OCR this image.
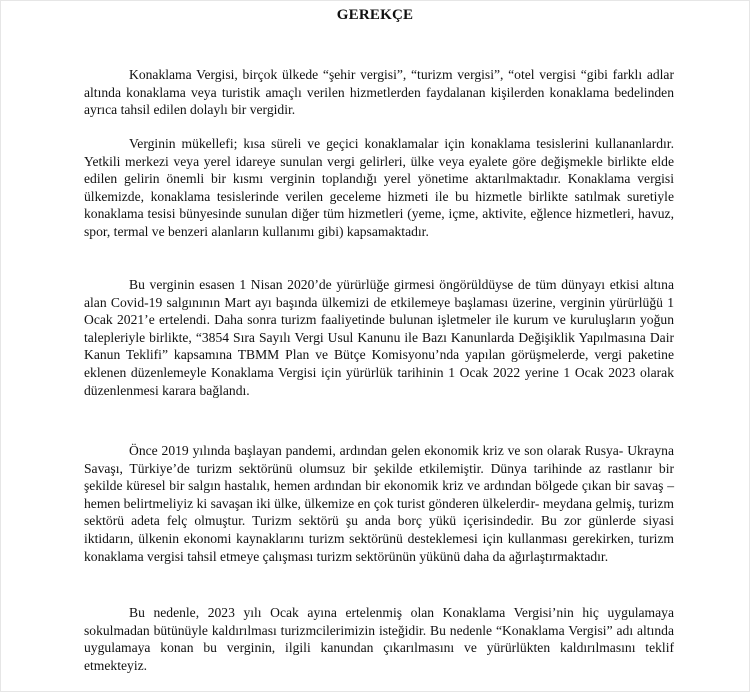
GEREKÇE

Konaklama Vergisi, birçok ülkede “şehir vergisi”, “turizm vergisi”, “otel vergisi “gibi farklı adlar altında konaklama veya turistik amaçlı verilen hizmetlerden faydalanan kişilerden konaklama bedelinden ayrıca tahsil edilen dolaylı bir vergidir.

Verginin mükellefi; kısa süreli ve geçici konaklamalar için konaklama tesislerini kullananlardır. Yetkili merkezi veya yerel idareye sunulan vergi gelirleri, ülke veya eyalete göre değişmekle birlikte elde edilen gelirin önemli bir kısmı verginin toplandığı yerel yönetime aktarılmaktadır. Konaklama vergisi ülkemizde, konaklama tesislerinde verilen geceleme hizmeti ile bu hizmetle birlikte satılmak suretiyle konaklama tesisi bünyesinde sunulan diğer tüm hizmetleri (yeme, içme, aktivite, eğlence hizmetleri, havuz, spor, termal ve benzeri alanların kullanımı gibi) kapsamaktadır.

Bu verginin esasen 1 Nisan 2020’de yürürlüğe girmesi öngörüldüyse de tüm dünyayı etkisi altına alan Covid-19 salgınının Mart ayı başında ülkemizi de etkilemeye başlaması üzerine, verginin yürürlüğü 1 Ocak 2021’e ertelendi. Daha sonra turizm faaliyetinde bulunan işletmeler ile kurum ve kuruluşların yoğun talepleriyle birlikte, “3854 Sıra Sayılı Vergi Usul Kanunu ile Bazı Kanunlarda Değişiklik Yapılmasına Dair Kanun Teklifi” kapsamına TBMM Plan ve Bütçe Komisyonu’nda yapılan görüşmelerde, vergi paketine eklenen düzenlemeyle Konaklama Vergisi için yürürlük tarihinin 1 Ocak 2022 yerine 1 Ocak 2023 olarak düzenlenmesi karara bağlandı.

Önce 2019 yılında başlayan pandemi, ardından gelen ekonomik kriz ve son olarak Rusya- Ukrayna Savaşı, Türkiye’de turizm sektörünü olumsuz bir şekilde etkilemiştir. Dünya tarihinde az rastlanır bir şekilde küresel bir salgın hastalık, hemen ardından bir ekonomik kriz ve ardından bölgede çıkan bir savaş –hemen belirtmeliyiz ki savaşan iki ülke, ülkemize en çok turist gönderen ülkelerdir- meydana gelmiş, turizm sektörü adeta felç olmuştur. Turizm sektörü şu anda borç yükü içerisindedir. Bu zor günlerde siyasi iktidarın, ülkenin ekonomi kaynaklarını turizm sektörünü desteklemesi için kullanması gerekirken, turizm konaklama vergisi tahsil etmeye çalışması turizm sektörünün yükünü daha da ağırlaştırmaktadır.

Bu nedenle, 2023 yılı Ocak ayına ertelenmiş olan Konaklama Vergisi’nin hiç uygulamaya sokulmadan bütünüyle kaldırılması turizmcilerimizin isteğidir. Bu nedenle “Konaklama Vergisi” adı altında uygulamaya konan bu verginin, ilgili kanundan çıkarılmasını ve yürürlükten kaldırılmasını teklif etmekteyiz.
